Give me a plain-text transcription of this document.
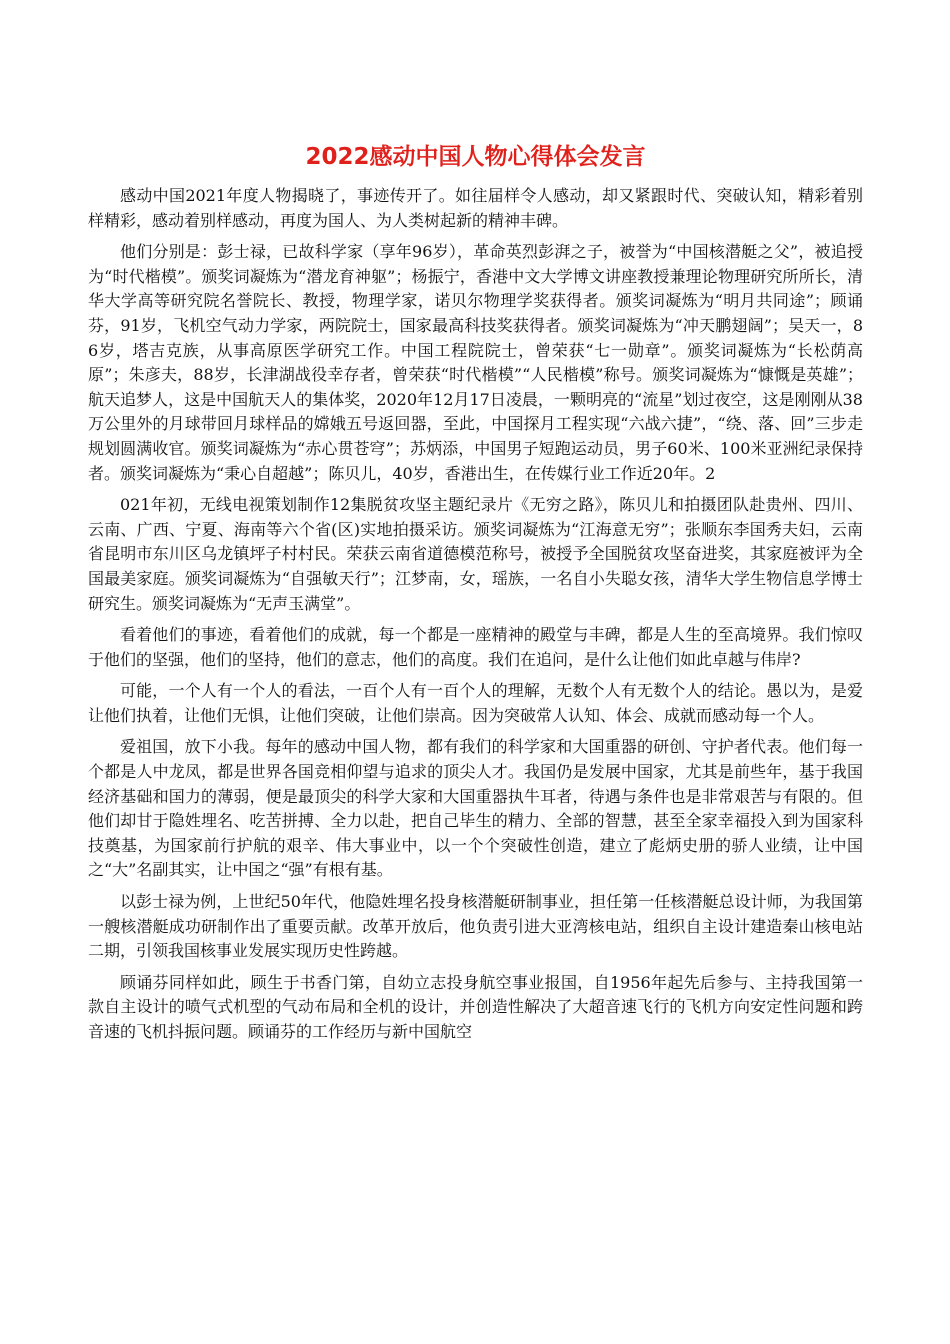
2022感动中国人物心得体会发言

感动中国2021年度人物揭晓了，事迹传开了。如往届样令人感动，却又紧跟时代、突破认知，精彩着别样精彩，感动着别样感动，再度为国人、为人类树起新的精神丰碑。

他们分别是：彭士禄，已故科学家（享年96岁），革命英烈彭湃之子，被誉为“中国核潜艇之父”，被追授为“时代楷模”。颁奖词凝炼为“潜龙育神躯”；杨振宁，香港中文大学博文讲座教授兼理论物理研究所所长，清华大学高等研究院名誉院长、教授，物理学家，诺贝尔物理学奖获得者。颁奖词凝炼为“明月共同途”；顾诵芬，91岁，飞机空气动力学家，两院院士，国家最高科技奖获得者。颁奖词凝炼为“冲天鹏翅阔”；吴天一，86岁，塔吉克族，从事高原医学研究工作。中国工程院院士，曾荣获“七一勋章”。颁奖词凝炼为“长松荫高原”；朱彦夫，88岁，长津湖战役幸存者，曾荣获“时代楷模”“人民楷模”称号。颁奖词凝炼为“慷慨是英雄”；航天追梦人，这是中国航天人的集体奖，2020年12月17日凌晨，一颗明亮的“流星”划过夜空，这是刚刚从38万公里外的月球带回月球样品的嫦娥五号返回器，至此，中国探月工程实现“六战六捷”，“绕、落、回”三步走规划圆满收官。颁奖词凝炼为“赤心贯苍穹”；苏炳添，中国男子短跑运动员，男子60米、100米亚洲纪录保持者。颁奖词凝炼为“秉心自超越”；陈贝儿，40岁，香港出生，在传媒行业工作近20年。2

021年初，无线电视策划制作12集脱贫攻坚主题纪录片《无穷之路》，陈贝儿和拍摄团队赴贵州、四川、云南、广西、宁夏、海南等六个省(区)实地拍摄采访。颁奖词凝炼为“江海意无穷”；张顺东李国秀夫妇，云南省昆明市东川区乌龙镇坪子村村民。荣获云南省道德模范称号，被授予全国脱贫攻坚奋进奖，其家庭被评为全国最美家庭。颁奖词凝炼为“自强敏天行”；江梦南，女，瑶族，一名自小失聪女孩，清华大学生物信息学博士研究生。颁奖词凝炼为“无声玉满堂”。

看着他们的事迹，看着他们的成就，每一个都是一座精神的殿堂与丰碑，都是人生的至高境界。我们惊叹于他们的坚强，他们的坚持，他们的意志，他们的高度。我们在追问，是什么让他们如此卓越与伟岸?

可能，一个人有一个人的看法，一百个人有一百个人的理解，无数个人有无数个人的结论。愚以为，是爱让他们执着，让他们无惧，让他们突破，让他们崇高。因为突破常人认知、体会、成就而感动每一个人。

爱祖国，放下小我。每年的感动中国人物，都有我们的科学家和大国重器的研创、守护者代表。他们每一个都是人中龙凤，都是世界各国竞相仰望与追求的顶尖人才。我国仍是发展中国家，尤其是前些年，基于我国经济基础和国力的薄弱，便是最顶尖的科学大家和大国重器执牛耳者，待遇与条件也是非常艰苦与有限的。但他们却甘于隐姓埋名、吃苦拼搏、全力以赴，把自己毕生的精力、全部的智慧，甚至全家幸福投入到为国家科技奠基，为国家前行护航的艰辛、伟大事业中，以一个个突破性创造，建立了彪炳史册的骄人业绩，让中国之“大”名副其实，让中国之“强”有根有基。

以彭士禄为例，上世纪50年代，他隐姓埋名投身核潜艇研制事业，担任第一任核潜艇总设计师，为我国第一艘核潜艇成功研制作出了重要贡献。改革开放后，他负责引进大亚湾核电站，组织自主设计建造秦山核电站二期，引领我国核事业发展实现历史性跨越。

顾诵芬同样如此，顾生于书香门第，自幼立志投身航空事业报国，自1956年起先后参与、主持我国第一款自主设计的喷气式机型的气动布局和全机的设计，并创造性解决了大超音速飞行的飞机方向安定性问题和跨音速的飞机抖振问题。顾诵芬的工作经历与新中国航空
